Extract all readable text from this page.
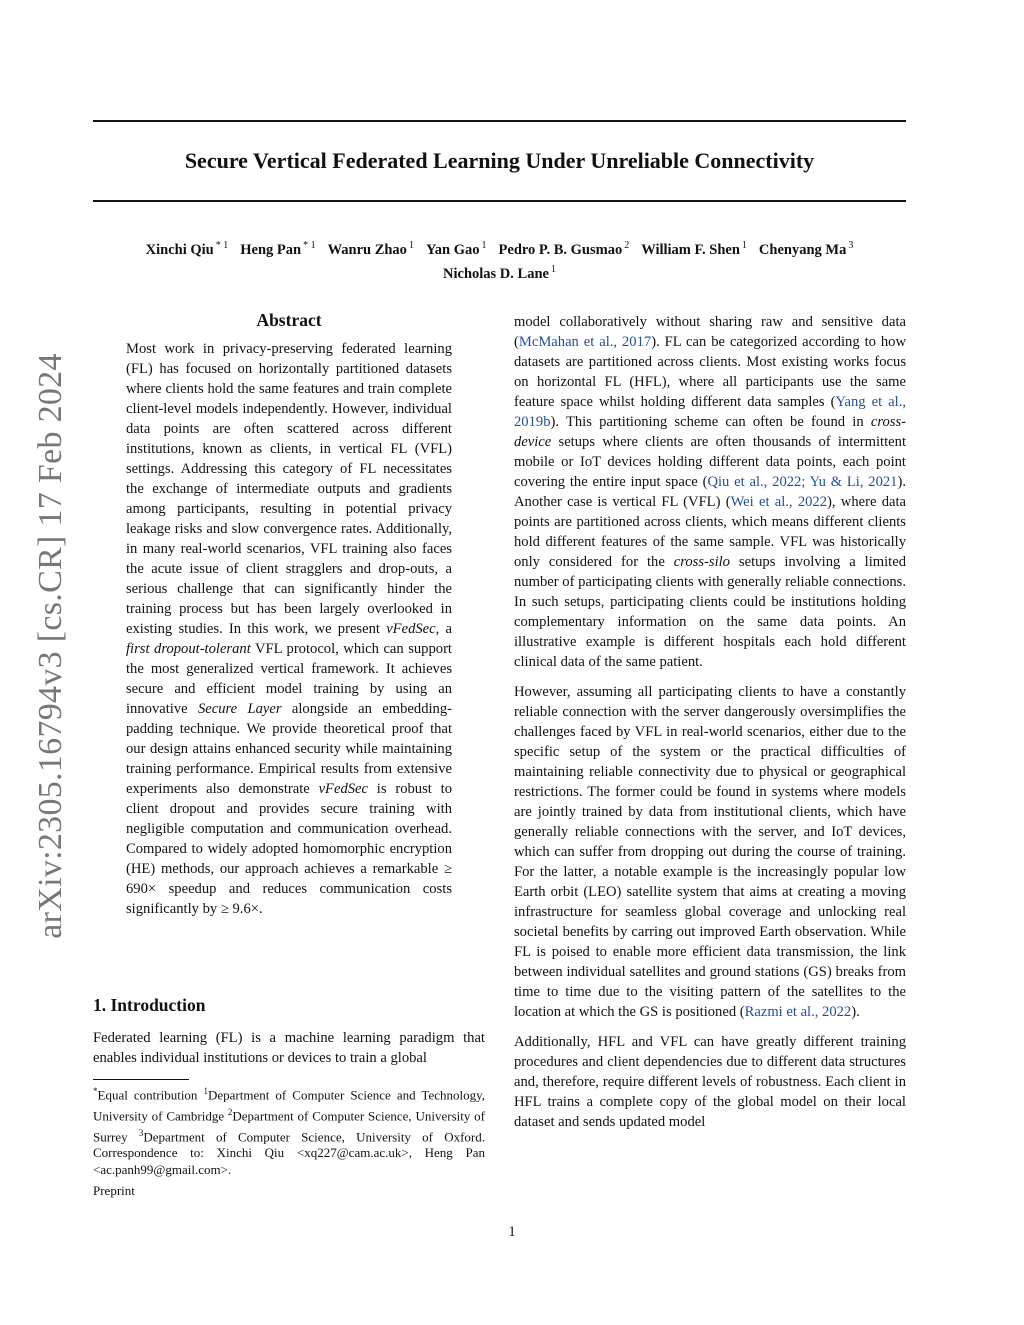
Secure Vertical Federated Learning Under Unreliable Connectivity
Xinchi Qiu $^{* 1}$ Heng Pan $^{* 1}$ Wanru Zhao $^1$ Yan Gao $^1$ Pedro P. B. Gusmao $^2$ William F. Shen $^1$ Chenyang Ma $^3$
Nicholas D. Lane $^1$
arXiv:2305.16794v3 [cs.CR] 17 Feb 2024
Abstract

Most work in privacy-preserving federated learning (FL) has focused on horizontally partitioned datasets where clients hold the same features and train complete client-level models independently. However, individual data points are often scattered across different institutions, known as clients, in vertical FL (VFL) settings. Addressing this category of FL necessitates the exchange of intermediate outputs and gradients among participants, resulting in potential privacy leakage risks and slow convergence rates. Additionally, in many real-world scenarios, VFL training also faces the acute issue of client stragglers and drop-outs, a serious challenge that can significantly hinder the training process but has been largely overlooked in existing studies. In this work, we present vFedSec, a first dropout-tolerant VFL protocol, which can support the most generalized vertical framework. It achieves secure and efficient model training by using an innovative Secure Layer alongside an embedding-padding technique. We provide theoretical proof that our design attains enhanced security while maintaining training performance. Empirical results from extensive experiments also demonstrate vFedSec is robust to client dropout and provides secure training with negligible computation and communication overhead. Compared to widely adopted homomorphic encryption (HE) methods, our approach achieves a remarkable ≥ 690× speedup and reduces communication costs significantly by ≥ 9.6×.

1. Introduction

Federated learning (FL) is a machine learning paradigm that enables individual institutions or devices to train a global

*Equal contribution $^1$Department of Computer Science and Technology, University of Cambridge $^2$Department of Computer Science, University of Surrey $^3$Department of Computer Science, University of Oxford. Correspondence to: Xinchi Qiu <xq227@cam.ac.uk>, Heng Pan <ac.panh99@gmail.com>.
Preprint

model collaboratively without sharing raw and sensitive data (McMahan et al., 2017). FL can be categorized according to how datasets are partitioned across clients. Most existing works focus on horizontal FL (HFL), where all participants use the same feature space whilst holding different data samples (Yang et al., 2019b). This partitioning scheme can often be found in cross-device setups where clients are often thousands of intermittent mobile or IoT devices holding different data points, each point covering the entire input space (Qiu et al., 2022; Yu & Li, 2021). Another case is vertical FL (VFL) (Wei et al., 2022), where data points are partitioned across clients, which means different clients hold different features of the same sample. VFL was historically only considered for the cross-silo setups involving a limited number of participating clients with generally reliable connections. In such setups, participating clients could be institutions holding complementary information on the same data points. An illustrative example is different hospitals each hold different clinical data of the same patient.

However, assuming all participating clients to have a constantly reliable connection with the server dangerously oversimplifies the challenges faced by VFL in real-world scenarios, either due to the specific setup of the system or the practical difficulties of maintaining reliable connectivity due to physical or geographical restrictions. The former could be found in systems where models are jointly trained by data from institutional clients, which have generally reliable connections with the server, and IoT devices, which can suffer from dropping out during the course of training. For the latter, a notable example is the increasingly popular low Earth orbit (LEO) satellite system that aims at creating a moving infrastructure for seamless global coverage and unlocking real societal benefits by carring out improved Earth observation. While FL is poised to enable more efficient data transmission, the link between individual satellites and ground stations (GS) breaks from time to time due to the visiting pattern of the satellites to the location at which the GS is positioned (Razmi et al., 2022).

Additionally, HFL and VFL can have greatly different training procedures and client dependencies due to different data structures and, therefore, require different levels of robustness. Each client in HFL trains a complete copy of the global model on their local dataset and sends updated model

1
